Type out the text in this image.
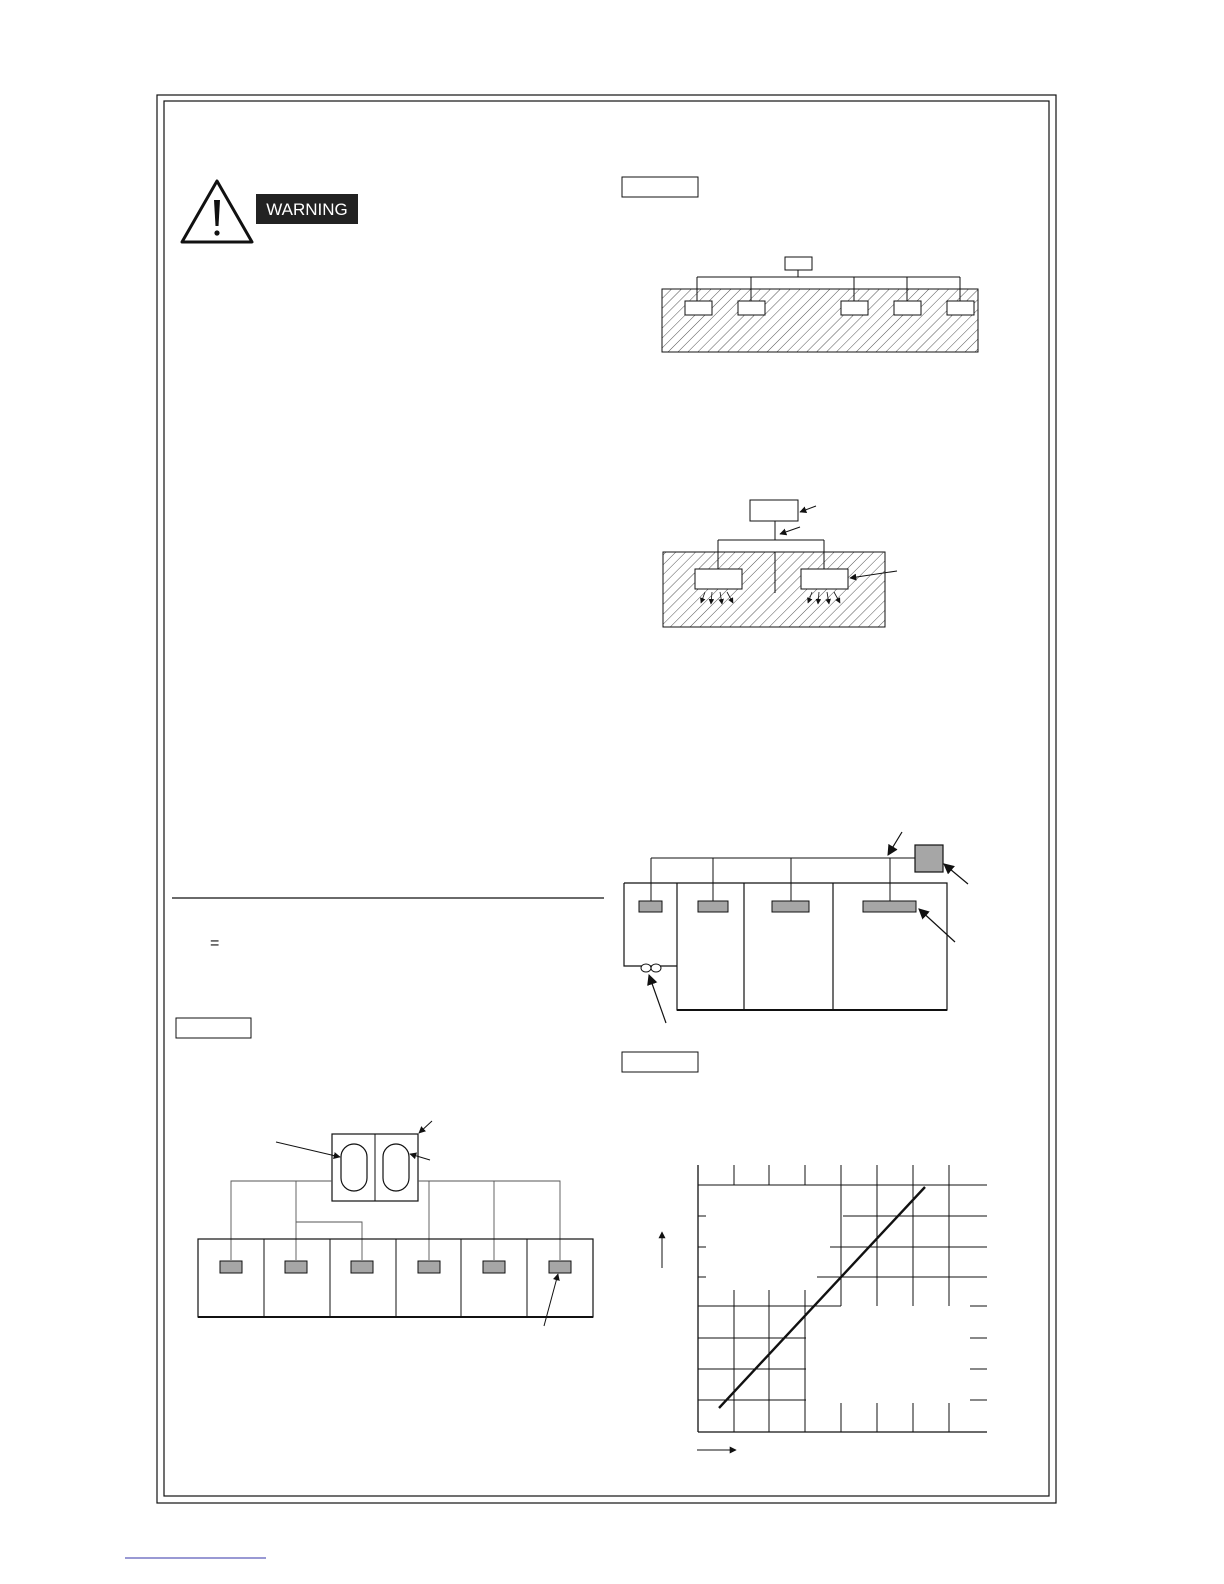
WARNING
=
